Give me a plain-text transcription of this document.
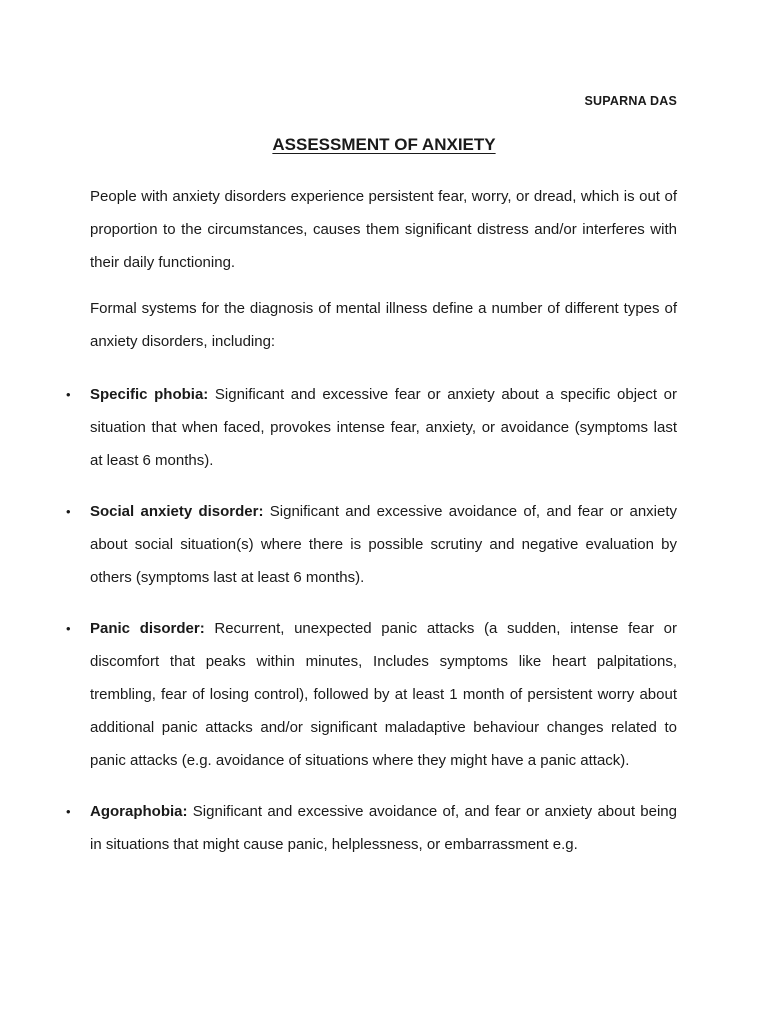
SUPARNA DAS
ASSESSMENT OF ANXIETY
People with anxiety disorders experience persistent fear, worry, or dread, which is out of proportion to the circumstances, causes them significant distress and/or interferes with their daily functioning.
Formal systems for the diagnosis of mental illness define a number of different types of anxiety disorders, including:
• Specific phobia: Significant and excessive fear or anxiety about a specific object or situation that when faced, provokes intense fear, anxiety, or avoidance (symptoms last at least 6 months).
• Social anxiety disorder: Significant and excessive avoidance of, and fear or anxiety about social situation(s) where there is possible scrutiny and negative evaluation by others (symptoms last at least 6 months).
• Panic disorder: Recurrent, unexpected panic attacks (a sudden, intense fear or discomfort that peaks within minutes, Includes symptoms like heart palpitations, trembling, fear of losing control), followed by at least 1 month of persistent worry about additional panic attacks and/or significant maladaptive behaviour changes related to panic attacks (e.g. avoidance of situations where they might have a panic attack).
• Agoraphobia: Significant and excessive avoidance of, and fear or anxiety about being in situations that might cause panic, helplessness, or embarrassment e.g.
